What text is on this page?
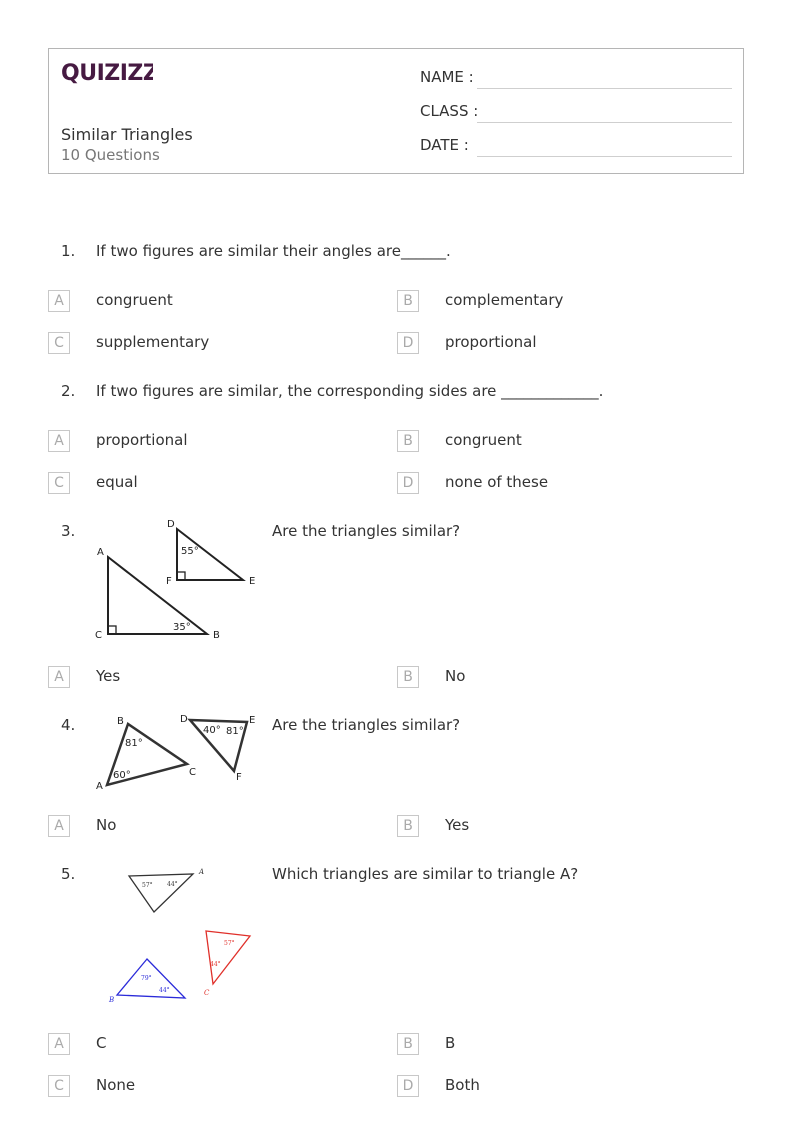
QUIZIZZ
Similar Triangles
10 Questions
NAME :
CLASS :
DATE :
1. If two figures are similar their angles are______.
A	congruent	B	complementary
C	supplementary	D	proportional
2. If two figures are similar, the corresponding sides are _____________.
A	proportional	B	congruent
C	equal	D	none of these
3.	Are the triangles similar?
A
B
C
D
E
F
55°
35°
A	Yes	B	No
4.	Are the triangles similar?
A
B
C
D	E
F
81°
60°
40° 81°
A	No	B	Yes
5.	Which triangles are similar to triangle A?
A
B
C
57° 44°
79°
44°
57°
44°
A	C	B	B
C	None	D	Both
